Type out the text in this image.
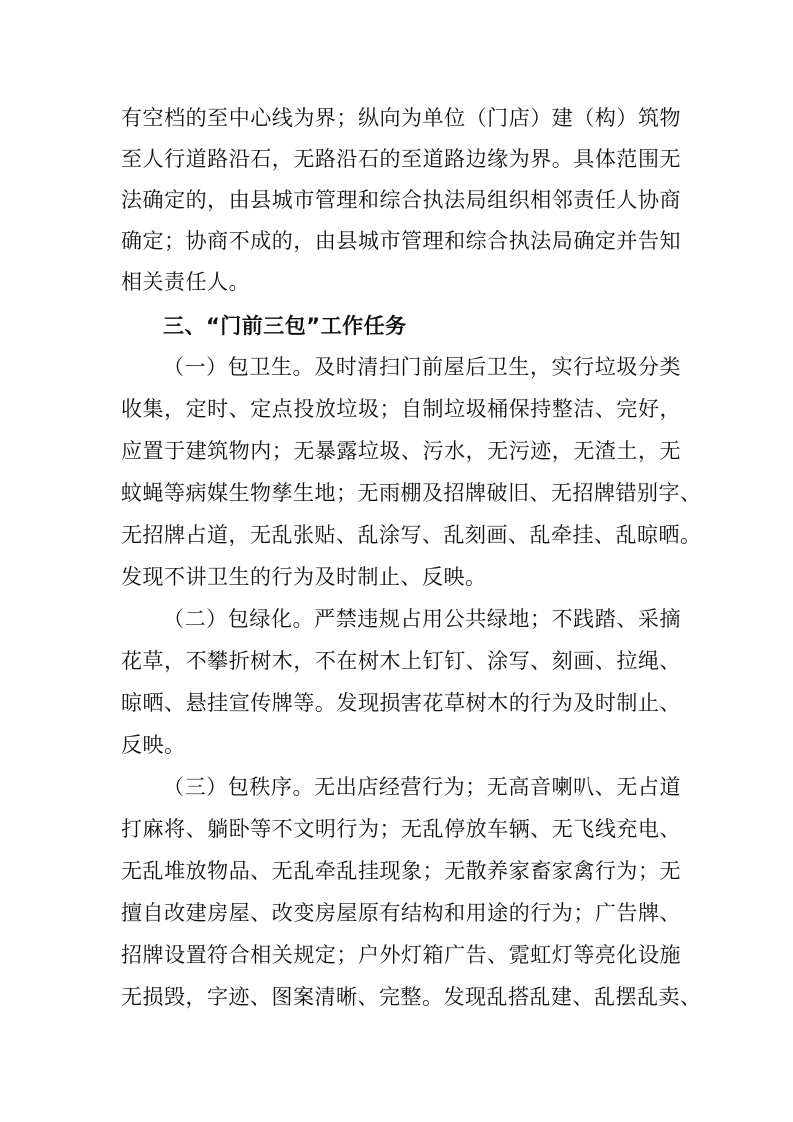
有空档的至中心线为界；纵向为单位（门店）建（构）筑物
至人行道路沿石，无路沿石的至道路边缘为界。具体范围无
法确定的，由县城市管理和综合执法局组织相邻责任人协商
确定；协商不成的，由县城市管理和综合执法局确定并告知
相关责任人。
三、“门前三包”工作任务
（一）包卫生。及时清扫门前屋后卫生，实行垃圾分类
收集，定时、定点投放垃圾；自制垃圾桶保持整洁、完好，
应置于建筑物内；无暴露垃圾、污水，无污迹，无渣土，无
蚊蝇等病媒生物孳生地；无雨棚及招牌破旧、无招牌错别字、
无招牌占道，无乱张贴、乱涂写、乱刻画、乱牵挂、乱晾晒。
发现不讲卫生的行为及时制止、反映。
（二）包绿化。严禁违规占用公共绿地；不践踏、采摘
花草，不攀折树木，不在树木上钉钉、涂写、刻画、拉绳、
晾晒、悬挂宣传牌等。发现损害花草树木的行为及时制止、
反映。
（三）包秩序。无出店经营行为；无高音喇叭、无占道
打麻将、躺卧等不文明行为；无乱停放车辆、无飞线充电、
无乱堆放物品、无乱牵乱挂现象；无散养家畜家禽行为；无
擅自改建房屋、改变房屋原有结构和用途的行为；广告牌、
招牌设置符合相关规定；户外灯箱广告、霓虹灯等亮化设施
无损毁，字迹、图案清晰、完整。发现乱搭乱建、乱摆乱卖、
